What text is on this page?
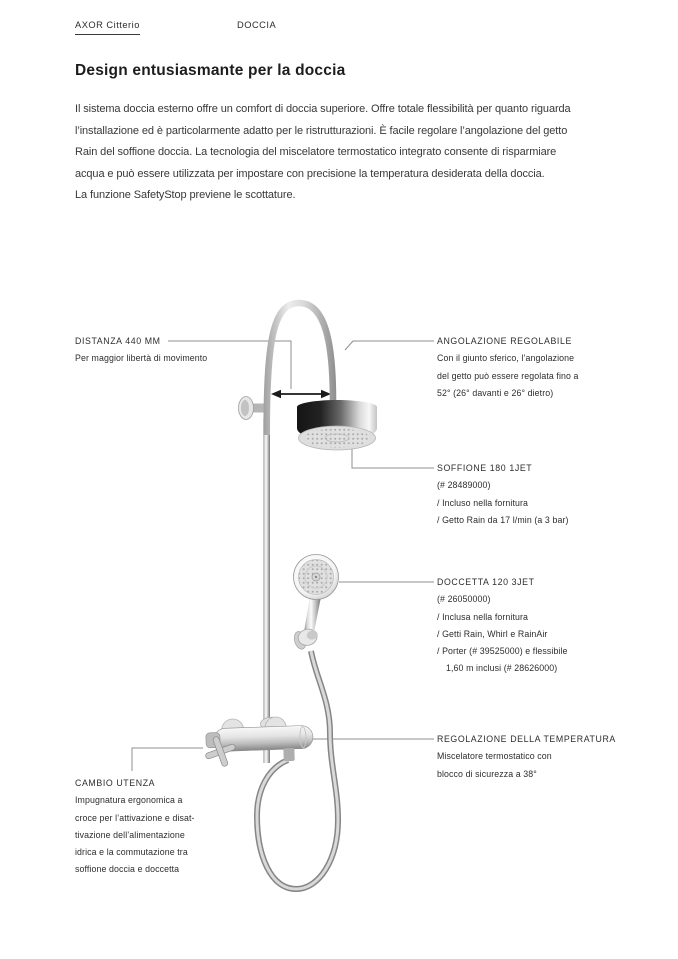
AXOR Citterio	DOCCIA
Design entusiasmante per la doccia
Il sistema doccia esterno offre un comfort di doccia superiore. Offre totale flessibilità per quanto riguarda
l’installazione ed è particolarmente adatto per le ristrutturazioni. È facile regolare l’angolazione del getto
Rain del soffione doccia. La tecnologia del miscelatore termostatico integrato consente di risparmiare
acqua e può essere utilizzata per impostare con precisione la temperatura desiderata della doccia.
La funzione SafetyStop previene le scottature.
DISTANZA 440 MM
Per maggior libertà di movimento
ANGOLAZIONE REGOLABILE
Con il giunto sferico, l’angolazione
del getto può essere regolata fino a
52° (26° davanti e 26° dietro)
SOFFIONE 180 1JET
(# 28489000)
/ Incluso nella fornitura
/ Getto Rain da 17 l/min (a 3 bar)
DOCCETTA 120 3JET
(# 26050000)
/ Inclusa nella fornitura
/ Getti Rain, Whirl e RainAir
/ Porter (# 39525000) e flessibile
1,60 m inclusi (# 28626000)
REGOLAZIONE DELLA TEMPERATURA
Miscelatore termostatico con
blocco di sicurezza a 38°
CAMBIO UTENZA
Impugnatura ergonomica a
croce per l’attivazione e disat-
tivazione dell’alimentazione
idrica e la commutazione tra
soffione doccia e doccetta
